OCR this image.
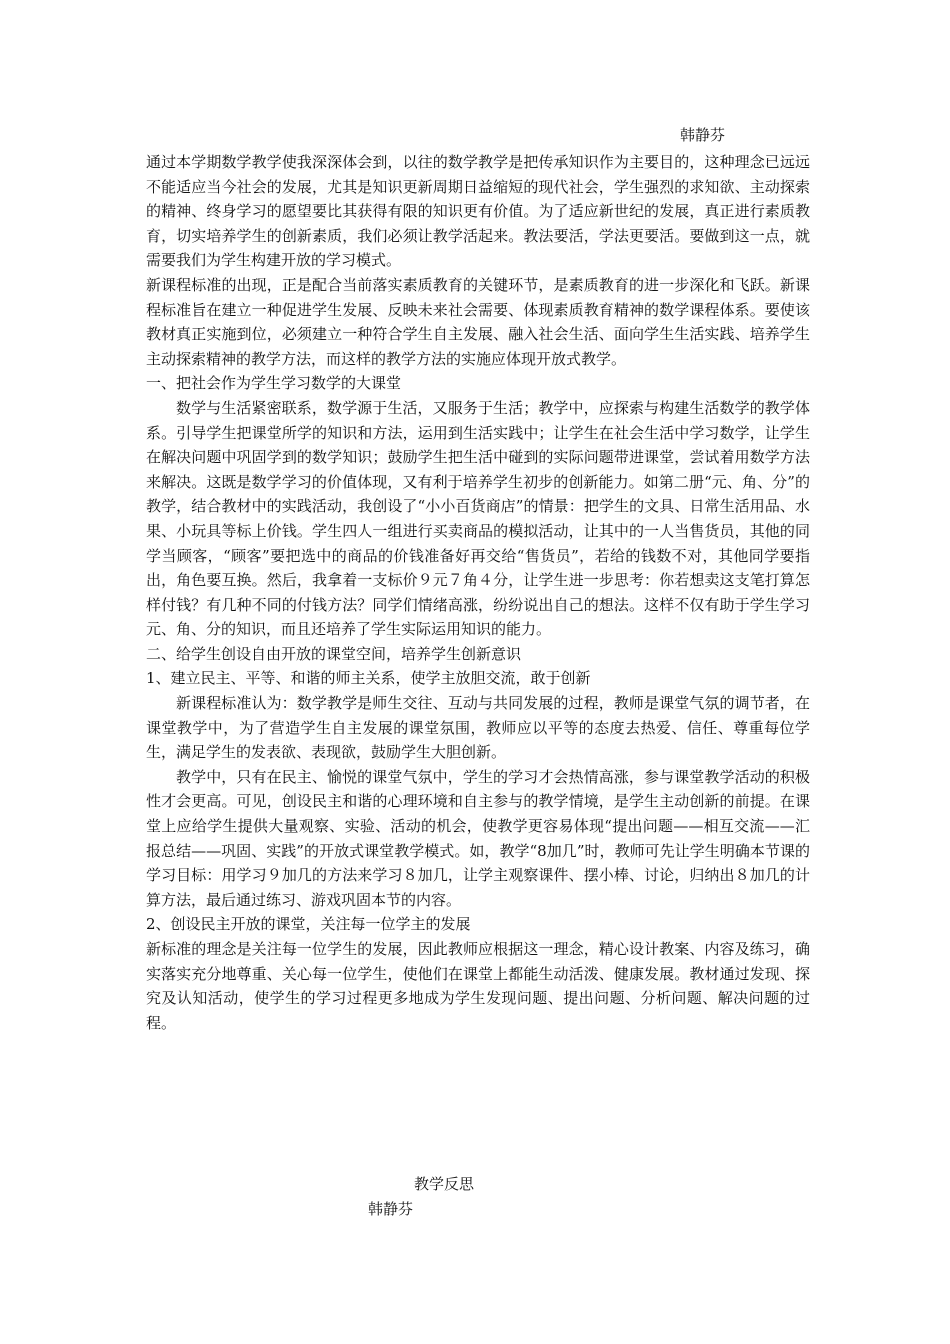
韩静芬

通过本学期数学教学使我深深体会到，以往的数学教学是把传承知识作为主要目的，这种理念已远远不能适应当今社会的发展，尤其是知识更新周期日益缩短的现代社会，学生强烈的求知欲、主动探索的精神、终身学习的愿望要比其获得有限的知识更有价值。为了适应新世纪的发展，真正进行素质教育，切实培养学生的创新素质，我们必须让教学活起来。教法要活，学法更要活。要做到这一点，就需要我们为学生构建开放的学习模式。

新课程标准的出现，正是配合当前落实素质教育的关键环节，是素质教育的进一步深化和飞跃。新课程标准旨在建立一种促进学生发展、反映未来社会需要、体现素质教育精神的数学课程体系。要使该教材真正实施到位，必须建立一种符合学生自主发展、融入社会生活、面向学生生活实践、培养学生主动探索精神的教学方法，而这样的教学方法的实施应体现开放式教学。

一、把社会作为学生学习数学的大课堂

数学与生活紧密联系，数学源于生活，又服务于生活；教学中，应探索与构建生活数学的教学体系。引导学生把课堂所学的知识和方法，运用到生活实践中；让学生在社会生活中学习数学，让学生在解决问题中巩固学到的数学知识；鼓励学生把生活中碰到的实际问题带进课堂，尝试着用数学方法来解决。这既是数学学习的价值体现，又有利于培养学生初步的创新能力。如第二册“元、角、分”的教学，结合教材中的实践活动，我创设了“小小百货商店”的情景：把学生的文具、日常生活用品、水果、小玩具等标上价钱。学生四人一组进行买卖商品的模拟活动，让其中的一人当售货员，其他的同学当顾客，“顾客”要把选中的商品的价钱准备好再交给“售货员”，若给的钱数不对，其他同学要指出，角色要互换。然后，我拿着一支标价９元７角４分，让学生进一步思考：你若想卖这支笔打算怎样付钱？有几种不同的付钱方法？同学们情绪高涨，纷纷说出自己的想法。这样不仅有助于学生学习元、角、分的知识，而且还培养了学生实际运用知识的能力。

二、给学生创设自由开放的课堂空间，培养学生创新意识

1、建立民主、平等、和谐的师主关系，使学主放胆交流，敢于创新

新课程标准认为：数学教学是师生交往、互动与共同发展的过程，教师是课堂气氛的调节者，在课堂教学中，为了营造学生自主发展的课堂氛围，教师应以平等的态度去热爱、信任、尊重每位学生，满足学生的发表欲、表现欲，鼓励学生大胆创新。

教学中，只有在民主、愉悦的课堂气氛中，学生的学习才会热情高涨，参与课堂教学活动的积极性才会更高。可见，创设民主和谐的心理环境和自主参与的教学情境，是学生主动创新的前提。在课堂上应给学生提供大量观察、实验、活动的机会，使教学更容易体现“提出问题——相互交流——汇报总结——巩固、实践”的开放式课堂教学模式。如，教学“8加几”时，教师可先让学生明确本节课的学习目标：用学习９加几的方法来学习８加几，让学主观察课件、摆小棒、讨论，归纳出８加几的计算方法，最后通过练习、游戏巩固本节的内容。

2、创设民主开放的课堂，关注每一位学主的发展

新标准的理念是关注每一位学生的发展，因此教师应根据这一理念，精心设计教案、内容及练习，确实落实充分地尊重、关心每一位学生，使他们在课堂上都能生动活泼、健康发展。教材通过发现、探究及认知活动，使学生的学习过程更多地成为学生发现问题、提出问题、分析问题、解决问题的过程。

教学反思
韩静芬
